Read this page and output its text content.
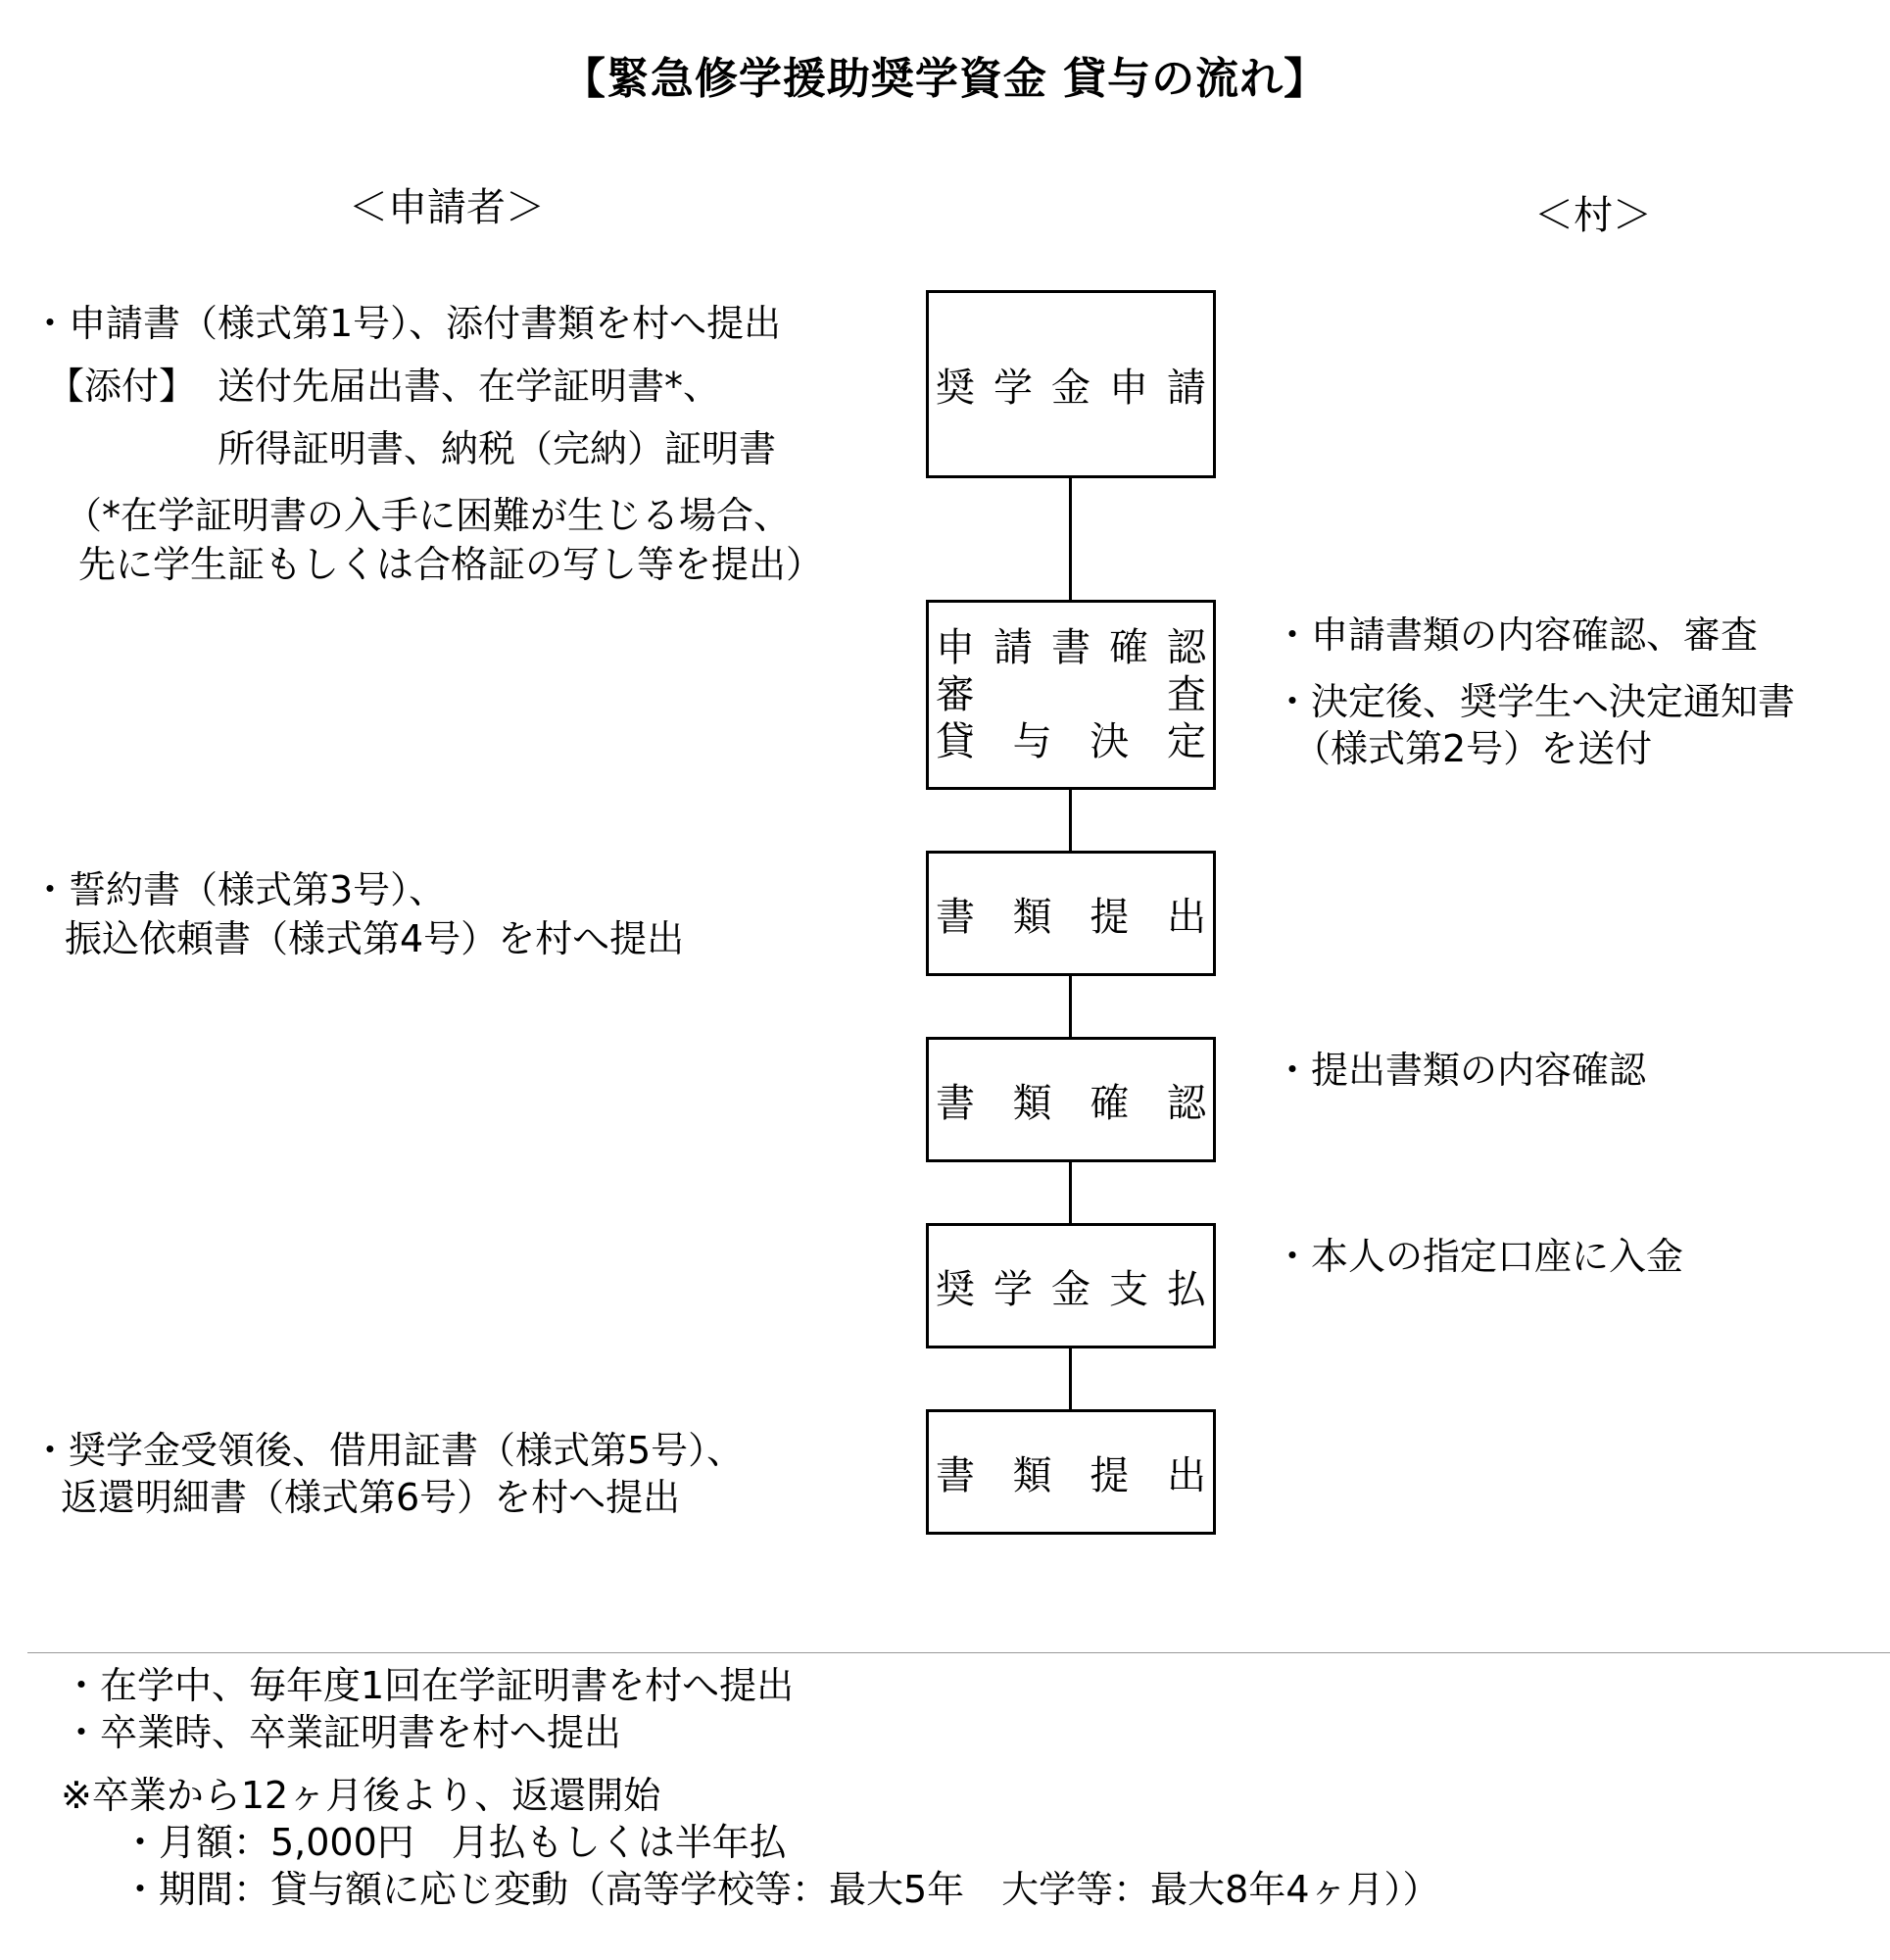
【緊急修学援助奨学資金 貸与の流れ】
＜申請者＞	＜村＞
奨 学 金 申 請
申 請 書 確 認
審	査
貸 与 決 定
書 類 提 出
書 類 確 認
奨 学 金 支 払
書 類 提 出
・申請書（様式第1号）、添付書類を村へ提出
【添付】 送付先届出書、在学証明書*、
所得証明書、納税（完納）証明書
（*在学証明書の入手に困難が生じる場合、
先に学生証もしくは合格証の写し等を提出）
・誓約書（様式第3号）、
振込依頼書（様式第4号）を村へ提出
・奨学金受領後、借用証書（様式第5号）、
返還明細書（様式第6号）を村へ提出
・申請書類の内容確認、審査
・決定後、奨学生へ決定通知書
（様式第2号）を送付
・提出書類の内容確認
・本人の指定口座に入金
・在学中、毎年度1回在学証明書を村へ提出
・卒業時、卒業証明書を村へ提出
※卒業から12ヶ月後より、返還開始
・月額：5,000円　月払もしくは半年払
・期間：貸与額に応じ変動（高等学校等：最大5年　大学等：最大8年4ヶ月））
